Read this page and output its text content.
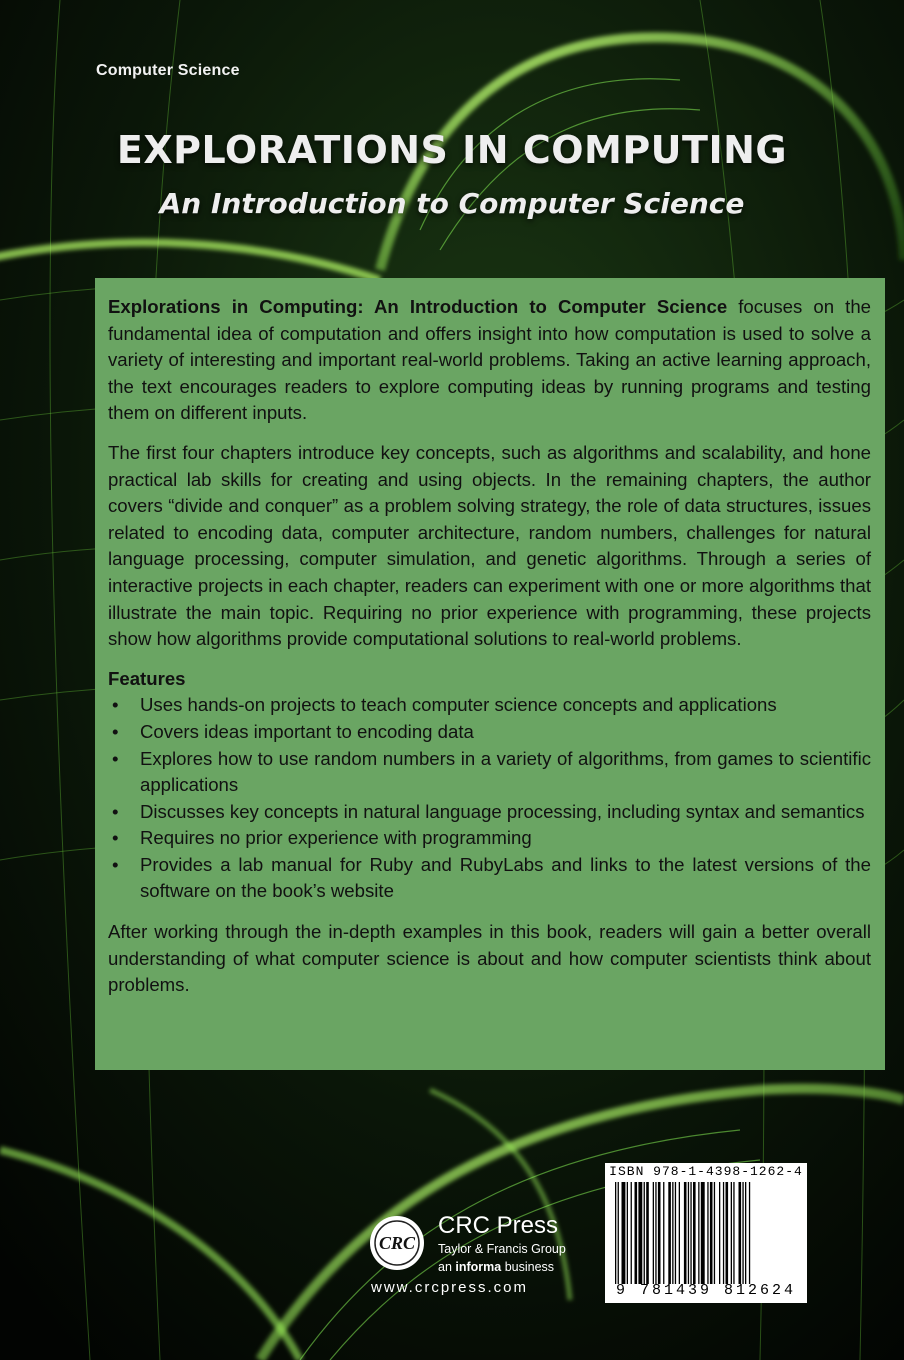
Computer Science
EXPLORATIONS IN COMPUTING
An Introduction to Computer Science

Explorations in Computing: An Introduction to Computer Science focuses on the fundamental idea of computation and offers insight into how computation is used to solve a variety of interesting and important real-world problems. Taking an active learning approach, the text encourages readers to explore computing ideas by running programs and testing them on different inputs.

The first four chapters introduce key concepts, such as algorithms and scalability, and hone practical lab skills for creating and using objects. In the remaining chapters, the author covers “divide and conquer” as a problem solving strategy, the role of data structures, issues related to encoding data, computer architecture, random numbers, challenges for natural language processing, computer simulation, and genetic algorithms. Through a series of interactive projects in each chapter, readers can experiment with one or more algorithms that illustrate the main topic. Requiring no prior experience with programming, these projects show how algorithms provide computational solutions to real-world problems.

Features
• Uses hands-on projects to teach computer science concepts and applications
• Covers ideas important to encoding data
• Explores how to use random numbers in a variety of algorithms, from games to scientific applications
• Discusses key concepts in natural language processing, including syntax and semantics
• Requires no prior experience with programming
• Provides a lab manual for Ruby and RubyLabs and links to the latest versions of the software on the book’s website

After working through the in-depth examples in this book, readers will gain a better overall understanding of what computer science is about and how computer scientists think about problems.

CRC
CRC Press
Taylor & Francis Group
an informa business
www.crcpress.com
ISBN 978-1-4398-1262-4
9 781439 812624
